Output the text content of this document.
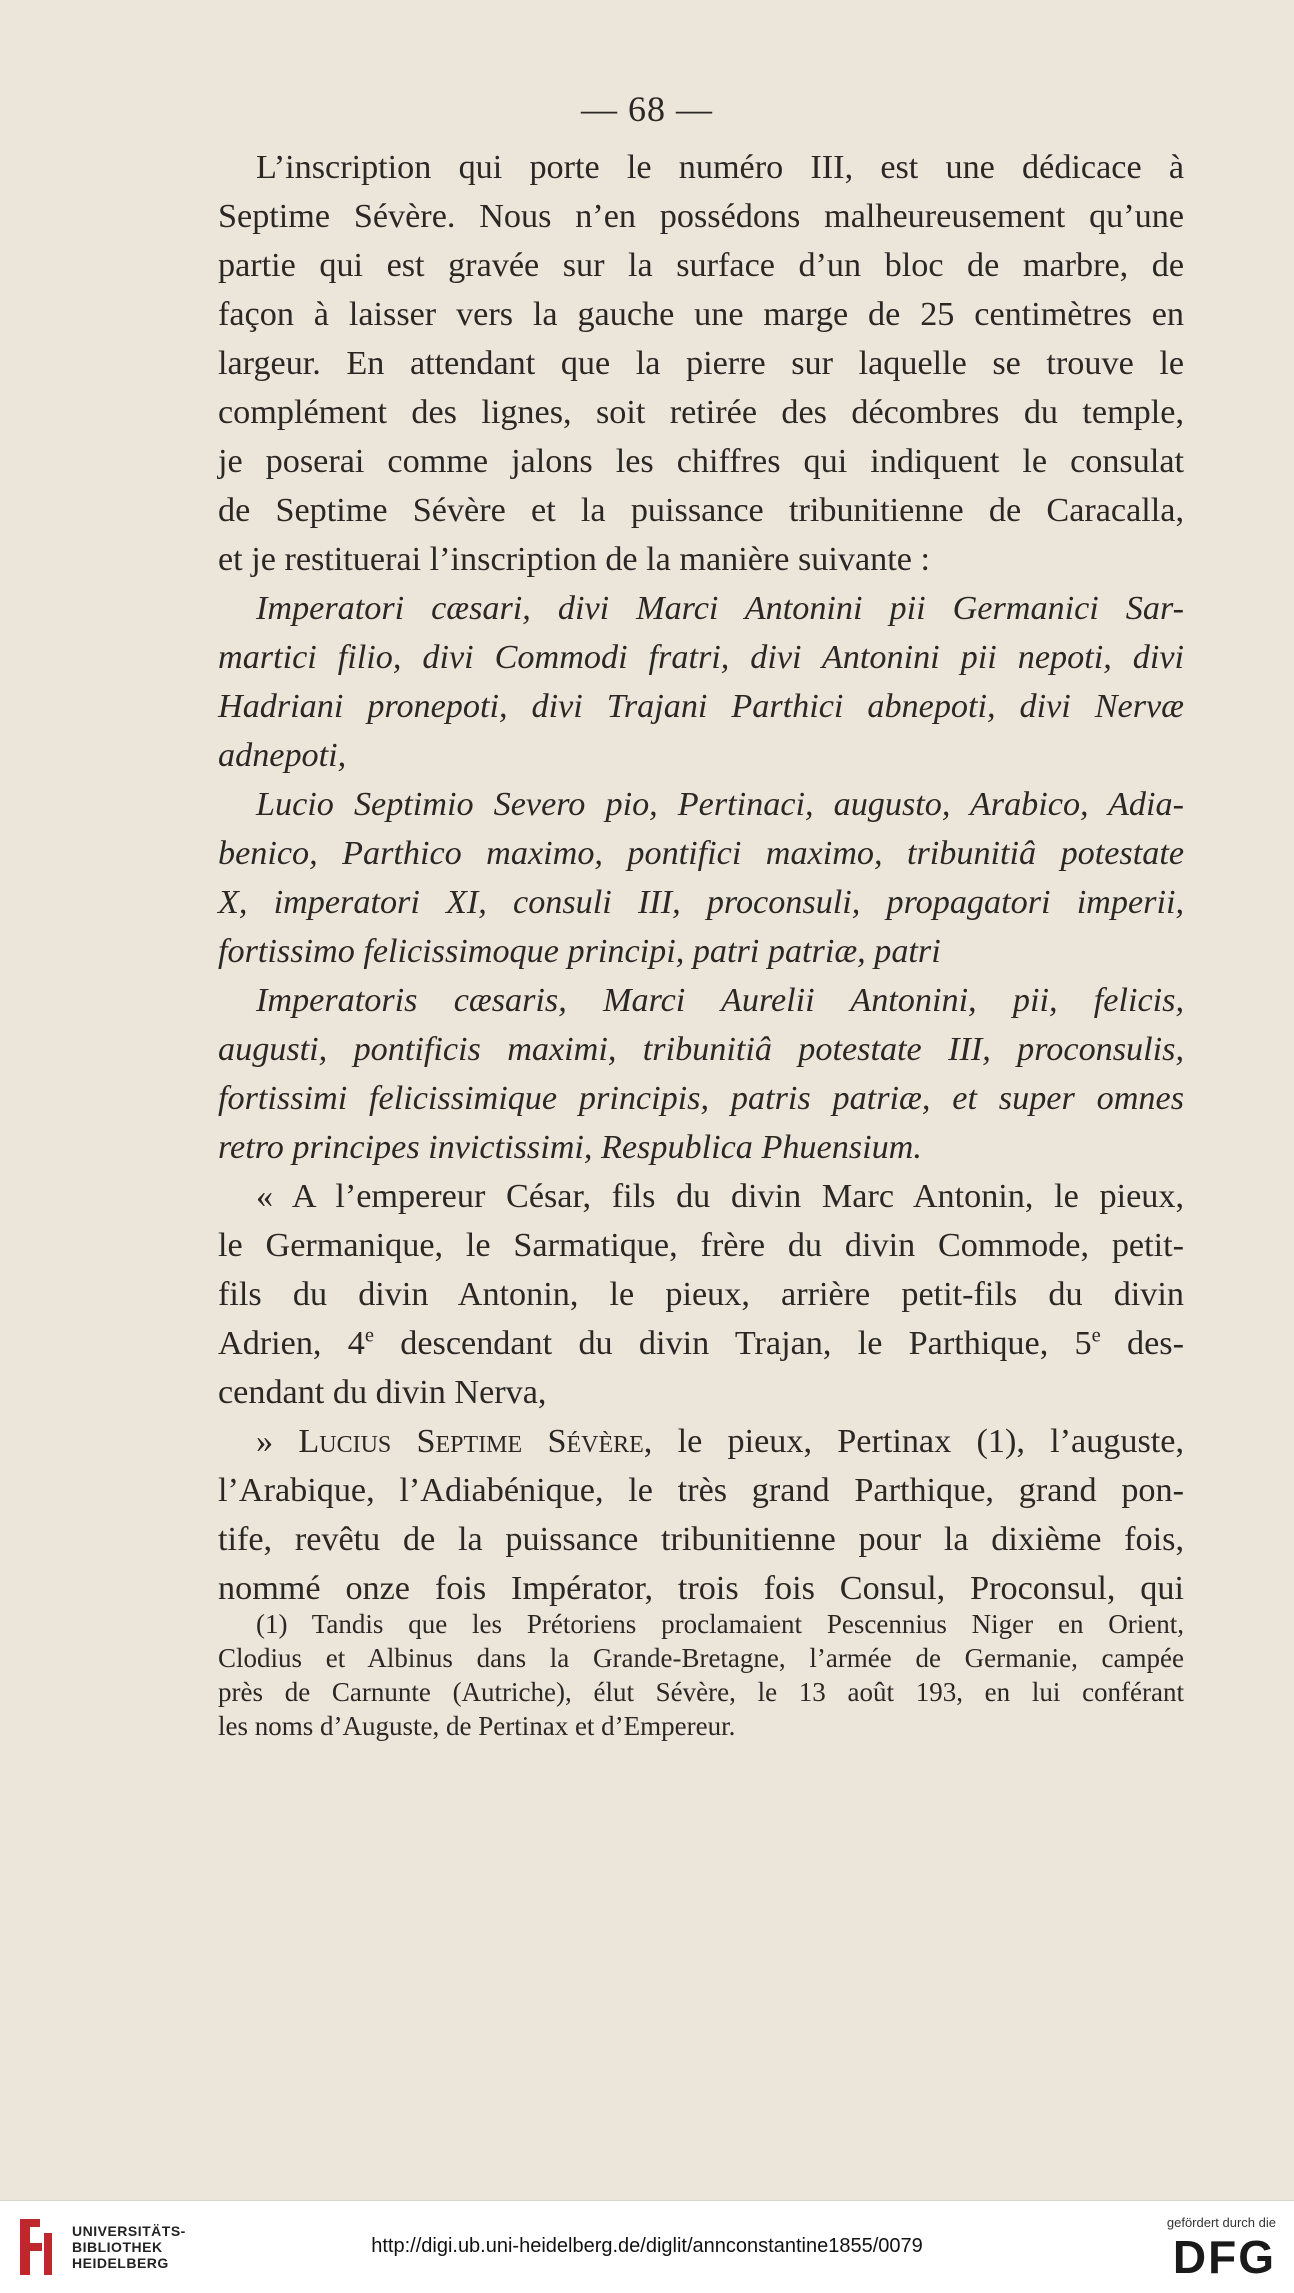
— 68 —
L’inscription qui porte le numéro III, est une dédicace à
Septime Sévère. Nous n’en possédons malheureusement qu’une
partie qui est gravée sur la surface d’un bloc de marbre, de
façon à laisser vers la gauche une marge de 25 centimètres en
largeur. En attendant que la pierre sur laquelle se trouve le
complément des lignes, soit retirée des décombres du temple,
je poserai comme jalons les chiffres qui indiquent le consulat
de Septime Sévère et la puissance tribunitienne de Caracalla,
et je restituerai l’inscription de la manière suivante :
Imperatori cæsari, divi Marci Antonini pii Germanici Sar-
martici filio, divi Commodi fratri, divi Antonini pii nepoti, divi
Hadriani pronepoti, divi Trajani Parthici abnepoti, divi Nervæ
adnepoti,
Lucio Septimio Severo pio, Pertinaci, augusto, Arabico, Adia-
benico, Parthico maximo, pontifici maximo, tribunitiâ potestate
X, imperatori XI, consuli III, proconsuli, propagatori imperii,
fortissimo felicissimoque principi, patri patriæ, patri
Imperatoris cæsaris, Marci Aurelii Antonini, pii, felicis,
augusti, pontificis maximi, tribunitiâ potestate III, proconsulis,
fortissimi felicissimique principis, patris patriæ, et super omnes
retro principes invictissimi, Respublica Phuensium.
« A l’empereur César, fils du divin Marc Antonin, le pieux,
le Germanique, le Sarmatique, frère du divin Commode, petit-
fils du divin Antonin, le pieux, arrière petit-fils du divin
Adrien, 4e descendant du divin Trajan, le Parthique, 5e des-
cendant du divin Nerva,
» Lucius Septime Sévère, le pieux, Pertinax (1), l’auguste,
l’Arabique, l’Adiabénique, le très grand Parthique, grand pon-
tife, revêtu de la puissance tribunitienne pour la dixième fois,
nommé onze fois Impérator, trois fois Consul, Proconsul, qui
(1) Tandis que les Prétoriens proclamaient Pescennius Niger en Orient,
Clodius et Albinus dans la Grande-Bretagne, l’armée de Germanie, campée
près de Carnunte (Autriche), élut Sévère, le 13 août 193, en lui conférant
les noms d’Auguste, de Pertinax et d’Empereur.
UNIVERSITÄTS-
BIBLIOTHEK
HEIDELBERG
http://digi.ub.uni-heidelberg.de/diglit/annconstantine1855/0079
gefördert durch die
DFG
